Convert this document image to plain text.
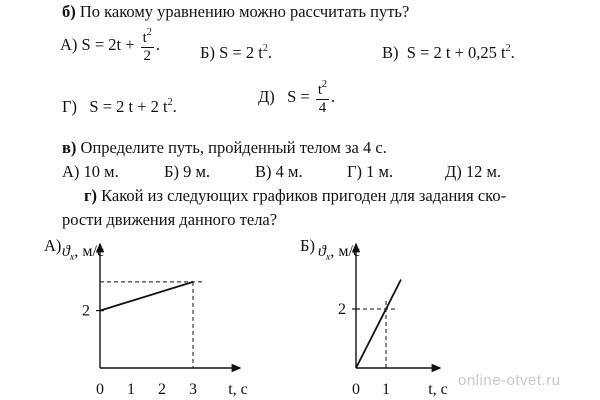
б) По какому уравнению можно рассчитать путь?
А) $S = 2t + \frac{t^2}{2}$ . Б) S = 2 $t^2$.	В) S = 2 t + 0,25 $t^2$.
Г) S = 2 t + 2 $t^2$.
Д) $S = \frac{t^2}{4}$ .
в) Определите путь, пройденный телом за 4 с.
А) 10 м.	Б) 9 м.	В) 4 м.	Г) 1 м.	Д) 12 м.
г) Какой из следующих графиков пригоден для задания ско-
рости движения данного тела?
А) $ϑ_x$, м/с
2
0 1 2 3 t, с
$ϑ_x$, м/с
2
0 1 t, с
Б)
online-otvet.ru
